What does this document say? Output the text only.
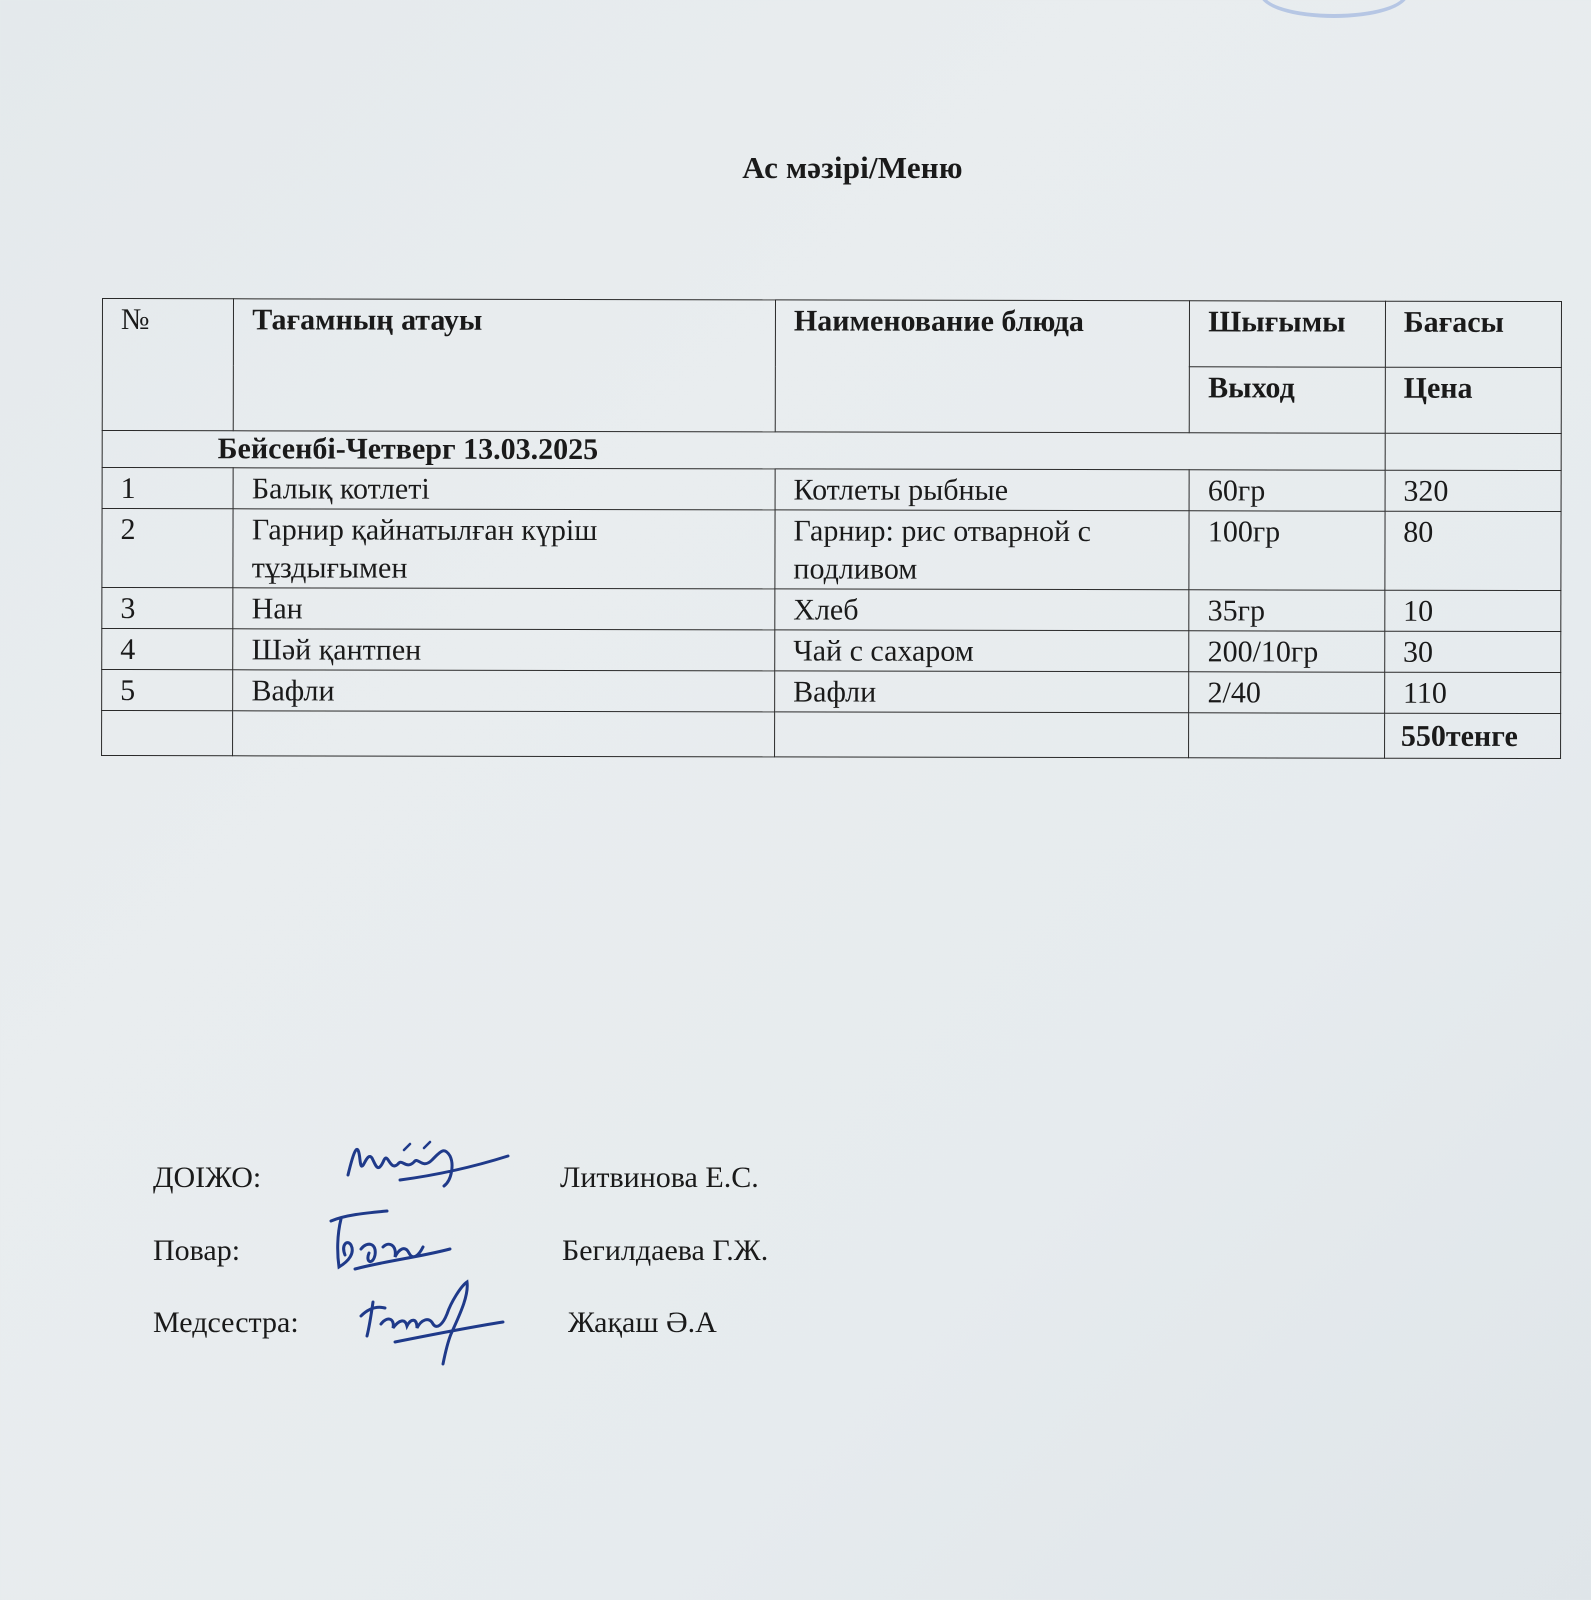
Ас мәзірі/Меню
№	Тағамның атауы	Наименование блюда	Шығымы	Бағасы
			Выход	Цена
Бейсенбі-Четверг 13.03.2025				
1	Балық котлеті	Котлеты рыбные	60гр	320
2	Гарнир қайнатылған күріш тұздығымен	Гарнир: рис отварной с подливом	100гр	80
3	Нан	Хлеб	35гр	10
4	Шәй қантпен	Чай с сахаром	200/10гр	30
5	Вафли	Вафли	2/40	110
				550тенге
ДОІЖО:	Литвинова Е.С.
Повар:	Бегилдаева Г.Ж.
Медсестра:	Жақаш Ә.А
